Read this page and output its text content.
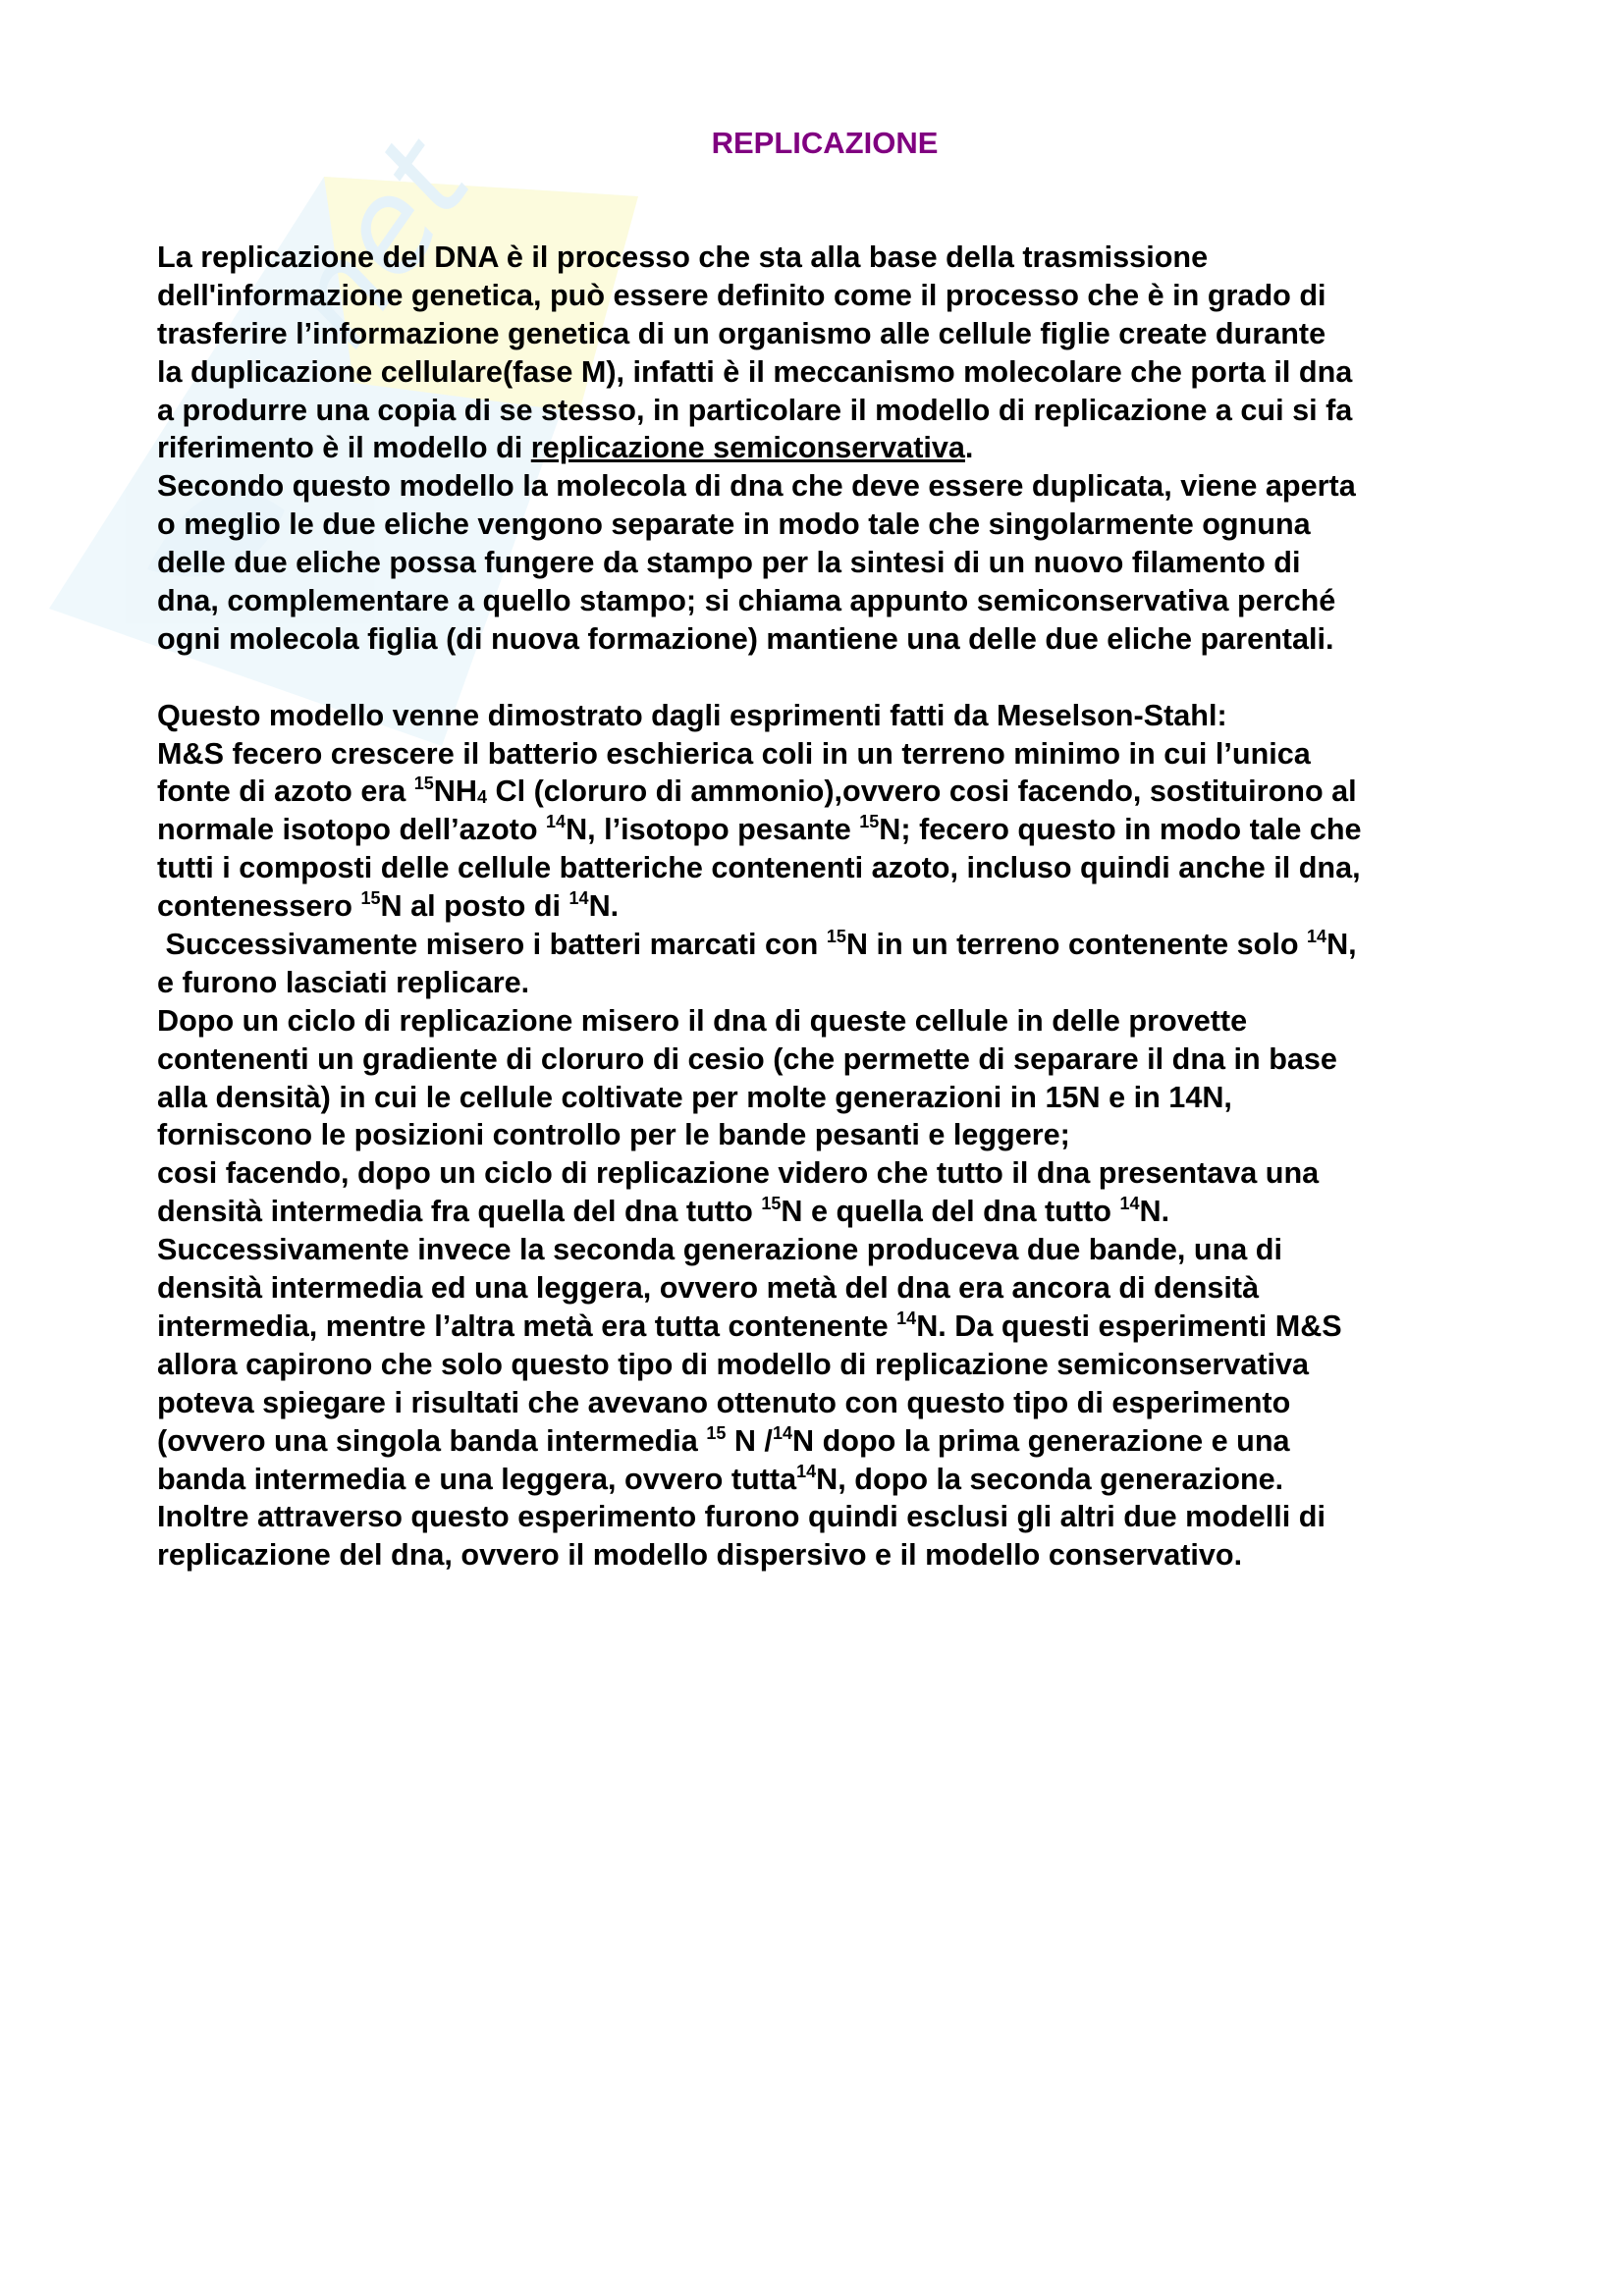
net	REPLICAZIONE
La replicazione del DNA è il processo che sta alla base della trasmissione
dell'informazione genetica, può essere definito come il processo che è in grado di
trasferire l’informazione genetica di un organismo alle cellule figlie create durante
la duplicazione cellulare(fase M), infatti è il meccanismo molecolare che porta il dna
a produrre una copia di se stesso, in particolare il modello di replicazione a cui si fa
riferimento è il modello di replicazione semiconservativa.
Secondo questo modello la molecola di dna che deve essere duplicata, viene aperta
o meglio le due eliche vengono separate in modo tale che singolarmente ognuna
delle due eliche possa fungere da stampo per la sintesi di un nuovo filamento di
dna, complementare a quello stampo; si chiama appunto semiconservativa perché
ogni molecola figlia (di nuova formazione) mantiene una delle due eliche parentali.
Questo modello venne dimostrato dagli esprimenti fatti da Meselson-Stahl:
M&S fecero crescere il batterio eschierica coli in un terreno minimo in cui l’unica
fonte di azoto era $^{15}NH_4$ Cl (cloruro di ammonio),ovvero cosi facendo, sostituirono al
normale isotopo dell’azoto $^{14}$N, l’isotopo pesante $^{15}$N; fecero questo in modo tale che
tutti i composti delle cellule batteriche contenenti azoto, incluso quindi anche il dna,
contenessero $^{15}$N al posto di $^{14}$N.
Successivamente misero i batteri marcati con $^{15}$N in un terreno contenente solo $^{14}$N,
e furono lasciati replicare.
Dopo un ciclo di replicazione misero il dna di queste cellule in delle provette
contenenti un gradiente di cloruro di cesio (che permette di separare il dna in base
alla densità) in cui le cellule coltivate per molte generazioni in 15N e in 14N,
forniscono le posizioni controllo per le bande pesanti e leggere;
cosi facendo, dopo un ciclo di replicazione videro che tutto il dna presentava una
densità intermedia fra quella del dna tutto $^{15}$N e quella del dna tutto $^{14}$N.
Successivamente invece la seconda generazione produceva due bande, una di
densità intermedia ed una leggera, ovvero metà del dna era ancora di densità
intermedia, mentre l’altra metà era tutta contenente $^{14}$N. Da questi esperimenti M&S
allora capirono che solo questo tipo di modello di replicazione semiconservativa
poteva spiegare i risultati che avevano ottenuto con questo tipo di esperimento
(ovvero una singola banda intermedia $^{15}$ N /$^{14}$N dopo la prima generazione e una
banda intermedia e una leggera, ovvero tutta$^{14}$N, dopo la seconda generazione.
Inoltre attraverso questo esperimento furono quindi esclusi gli altri due modelli di
replicazione del dna, ovvero il modello dispersivo e il modello conservativo.
